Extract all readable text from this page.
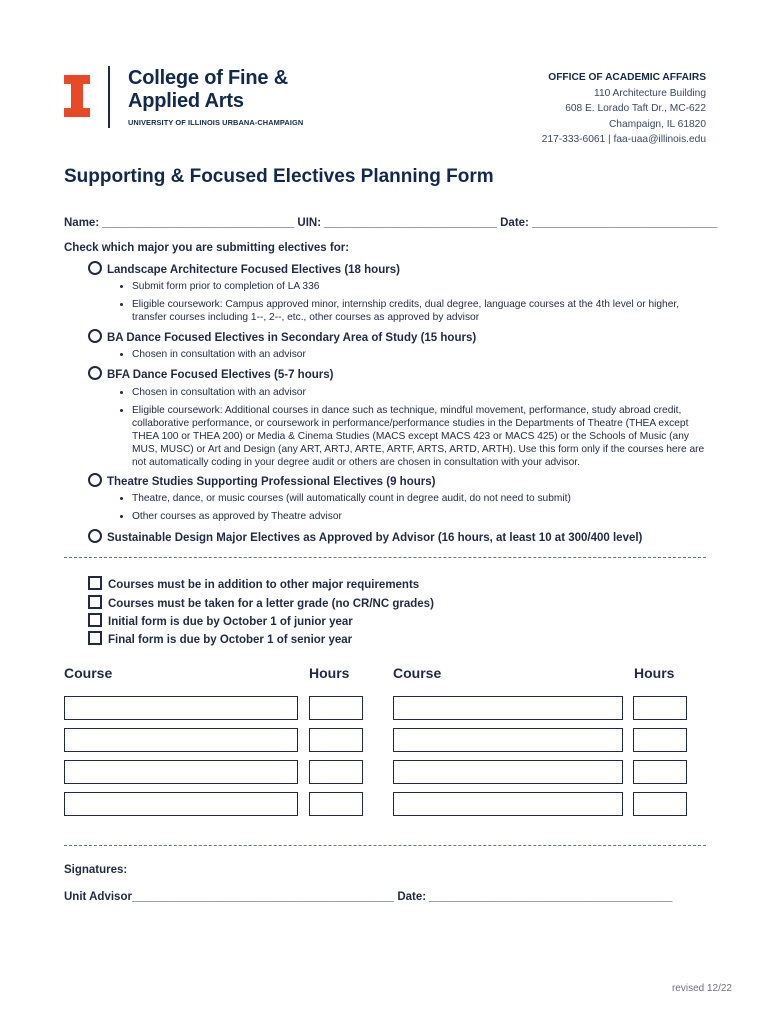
College of Fine &
Applied Arts
UNIVERSITY OF ILLINOIS URBANA-CHAMPAIGN
OFFICE OF ACADEMIC AFFAIRS
110 Architecture Building
608 E. Lorado Taft Dr., MC-622
Champaign, IL 61820
217-333-6061 | faa-uaa@illinois.edu
Supporting & Focused Electives Planning Form
Name: ______________________________ UIN: ___________________________ Date: _____________________________
Check which major you are submitting electives for:
Landscape Architecture Focused Electives (18 hours)
• Submit form prior to completion of LA 336
• Eligible coursework: Campus approved minor, internship credits, dual degree, language courses at the 4th level or higher, transfer courses including 1--, 2--, etc., other courses as approved by advisor
BA Dance Focused Electives in Secondary Area of Study (15 hours)
• Chosen in consultation with an advisor
BFA Dance Focused Electives (5-7 hours)
• Chosen in consultation with an advisor
• Eligible coursework: Additional courses in dance such as technique, mindful movement, performance, study abroad credit, collaborative performance, or coursework in performance/performance studies in the Departments of Theatre (THEA except THEA 100 or THEA 200) or Media & Cinema Studies (MACS except MACS 423 or MACS 425) or the Schools of Music (any MUS, MUSC) or Art and Design (any ART, ARTJ, ARTE, ARTF, ARTS, ARTD, ARTH). Use this form only if the courses here are not automatically coding in your degree audit or others are chosen in consultation with your advisor.
Theatre Studies Supporting Professional Electives (9 hours)
• Theatre, dance, or music courses (will automatically count in degree audit, do not need to submit)
• Other courses as approved by Theatre advisor
Sustainable Design Major Electives as Approved by Advisor (16 hours, at least 10 at 300/400 level)
Courses must be in addition to other major requirements
Courses must be taken for a letter grade (no CR/NC grades)
Initial form is due by October 1 of junior year
Final form is due by October 1 of senior year
Course	Hours	Course	Hours
Signatures:
Unit Advisor_________________________________________ Date: ______________________________________
revised 12/22
